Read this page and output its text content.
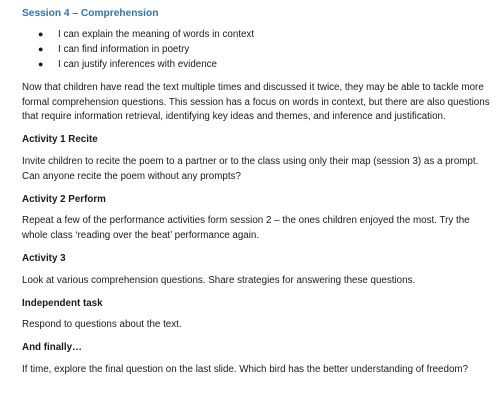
Session 4 – Comprehension
● I can explain the meaning of words in context
● I can find information in poetry
● I can justify inferences with evidence

Now that children have read the text multiple times and discussed it twice, they may be able to tackle more formal comprehension questions. This session has a focus on words in context, but there are also questions that require information retrieval, identifying key ideas and themes, and inference and justification.

Activity 1 Recite

Invite children to recite the poem to a partner or to the class using only their map (session 3) as a prompt. Can anyone recite the poem without any prompts?

Activity 2 Perform

Repeat a few of the performance activities form session 2 – the ones children enjoyed the most. Try the whole class ‘reading over the beat’ performance again.

Activity 3

Look at various comprehension questions. Share strategies for answering these questions.

Independent task

Respond to questions about the text.

And finally…

If time, explore the final question on the last slide. Which bird has the better understanding of freedom?
